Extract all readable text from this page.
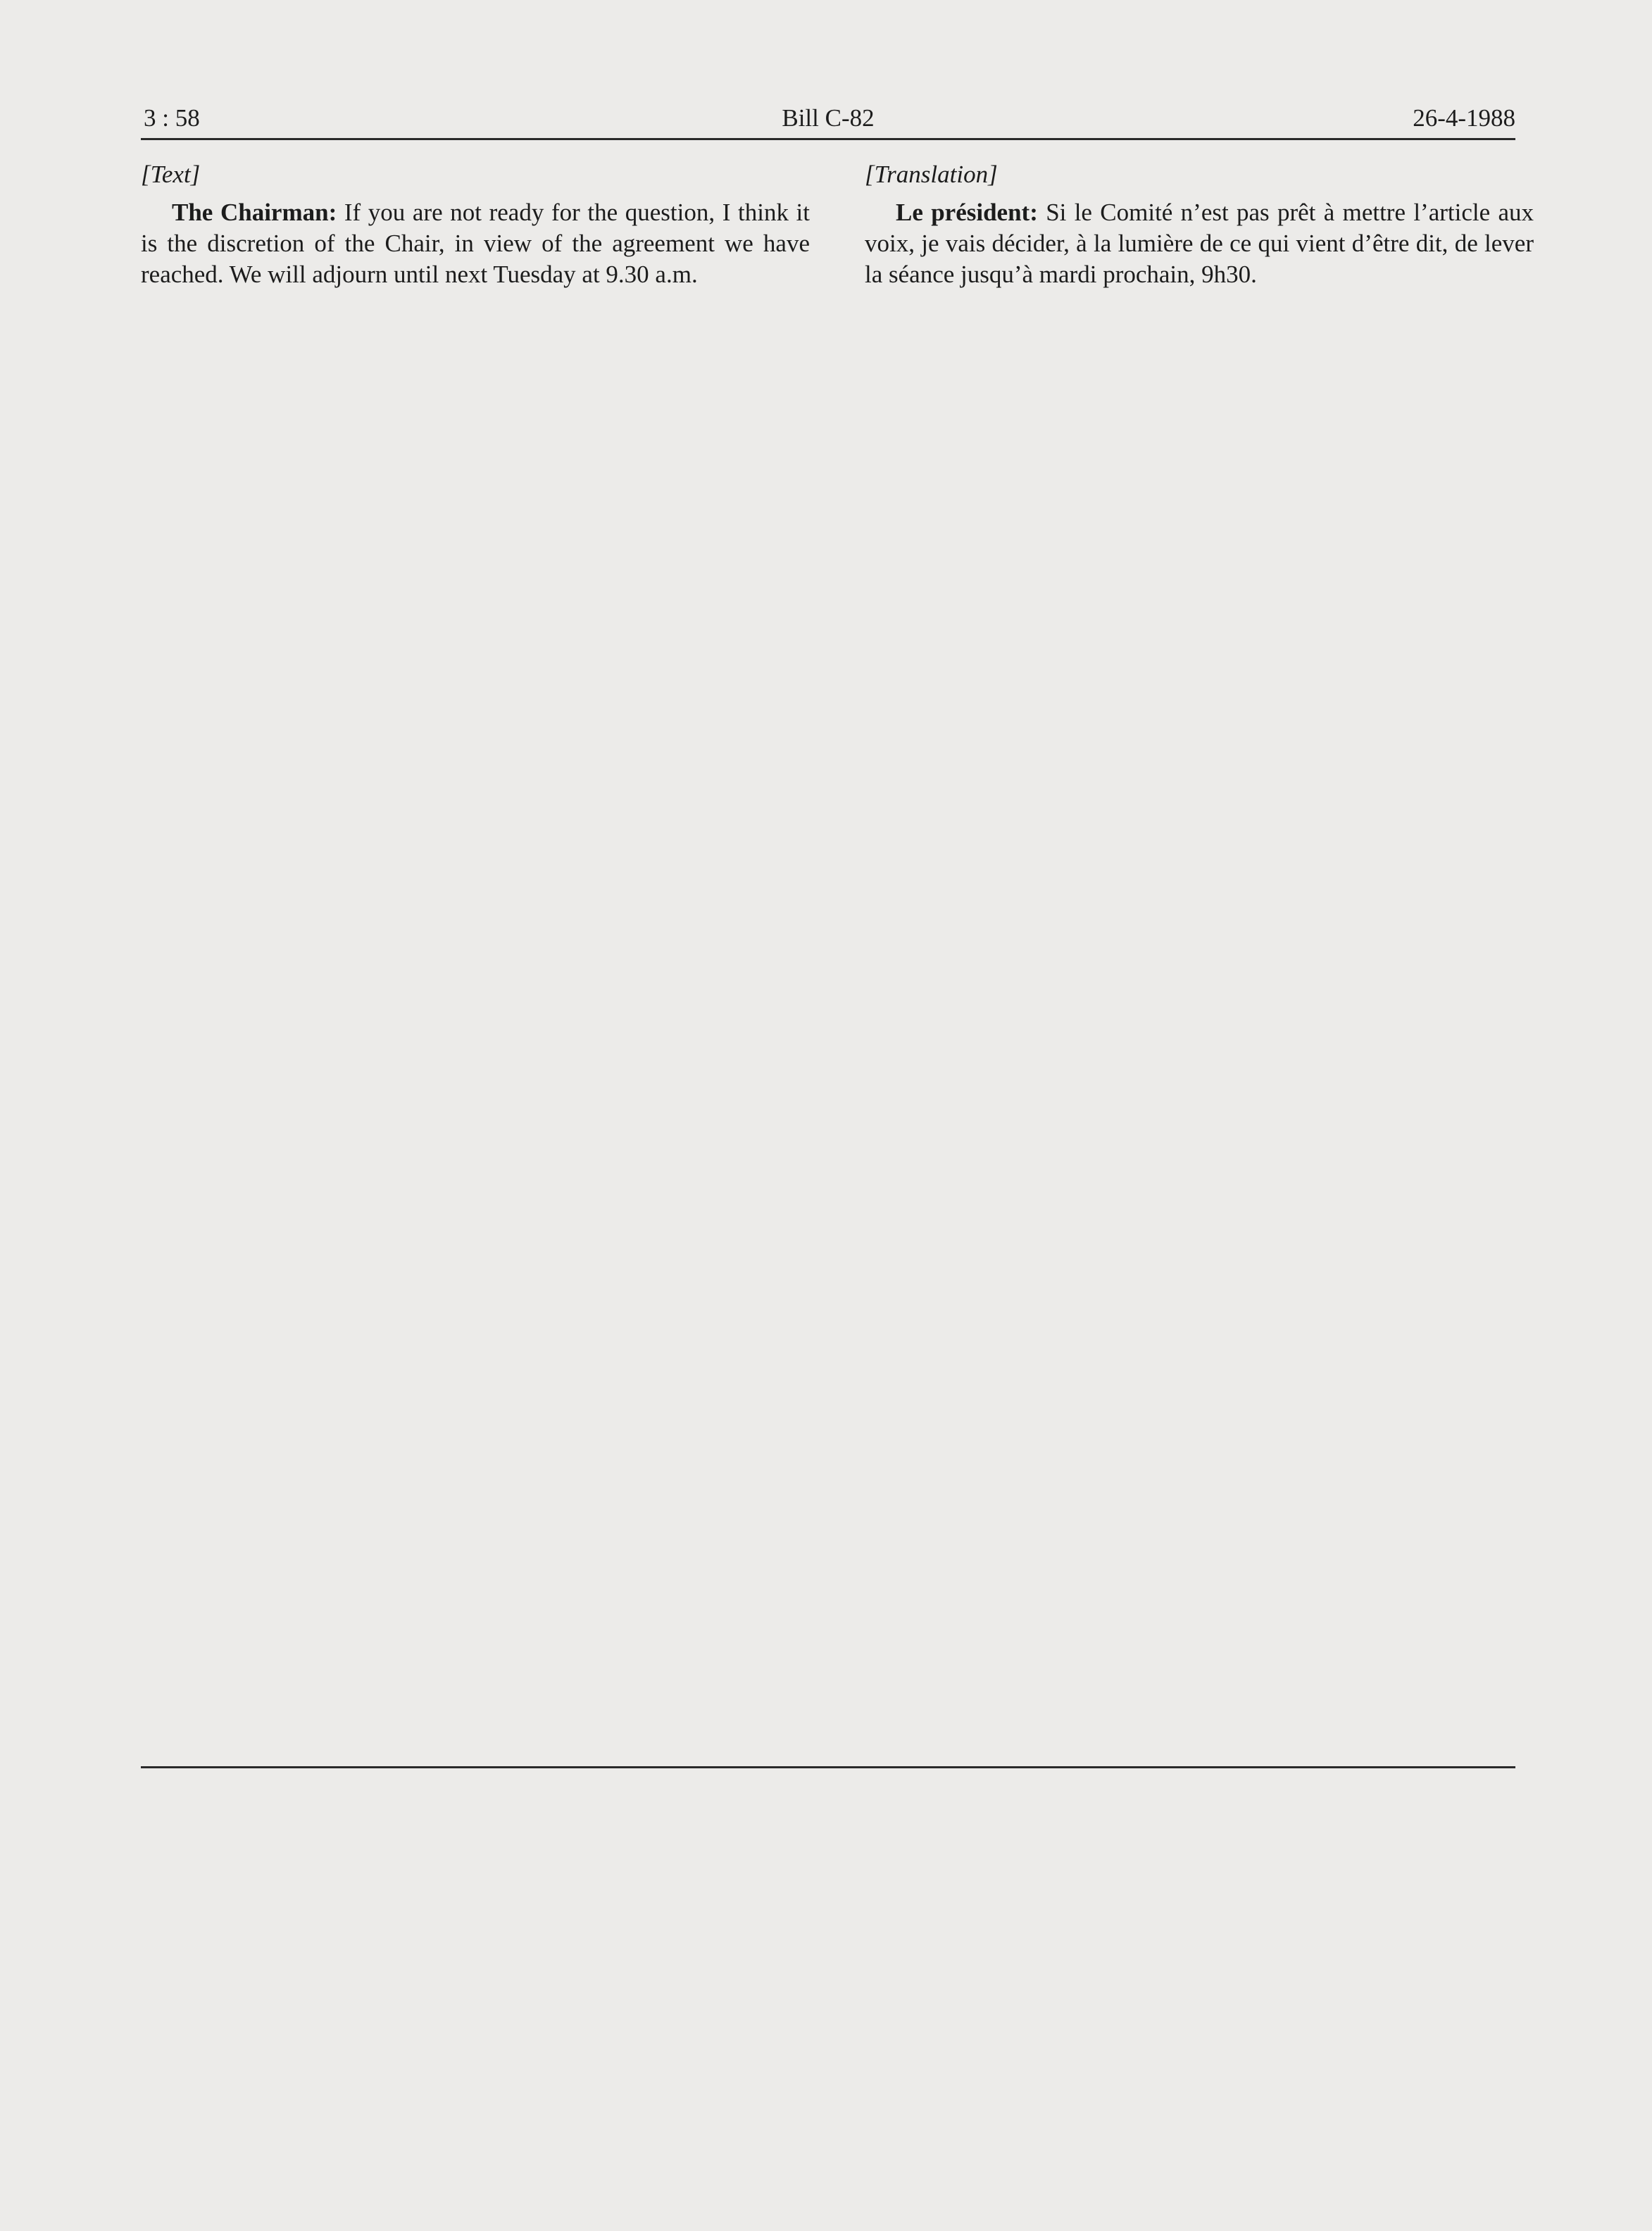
3 : 58	Bill C-82	26-4-1988
[Text]

The Chairman: If you are not ready for the question, I think it is the discretion of the Chair, in view of the agreement we have reached. We will adjourn until next Tuesday at 9.30 a.m.

[Translation]

Le président: Si le Comité n’est pas prêt à mettre l’article aux voix, je vais décider, à la lumière de ce qui vient d’être dit, de lever la séance jusqu’à mardi prochain, 9h30.
